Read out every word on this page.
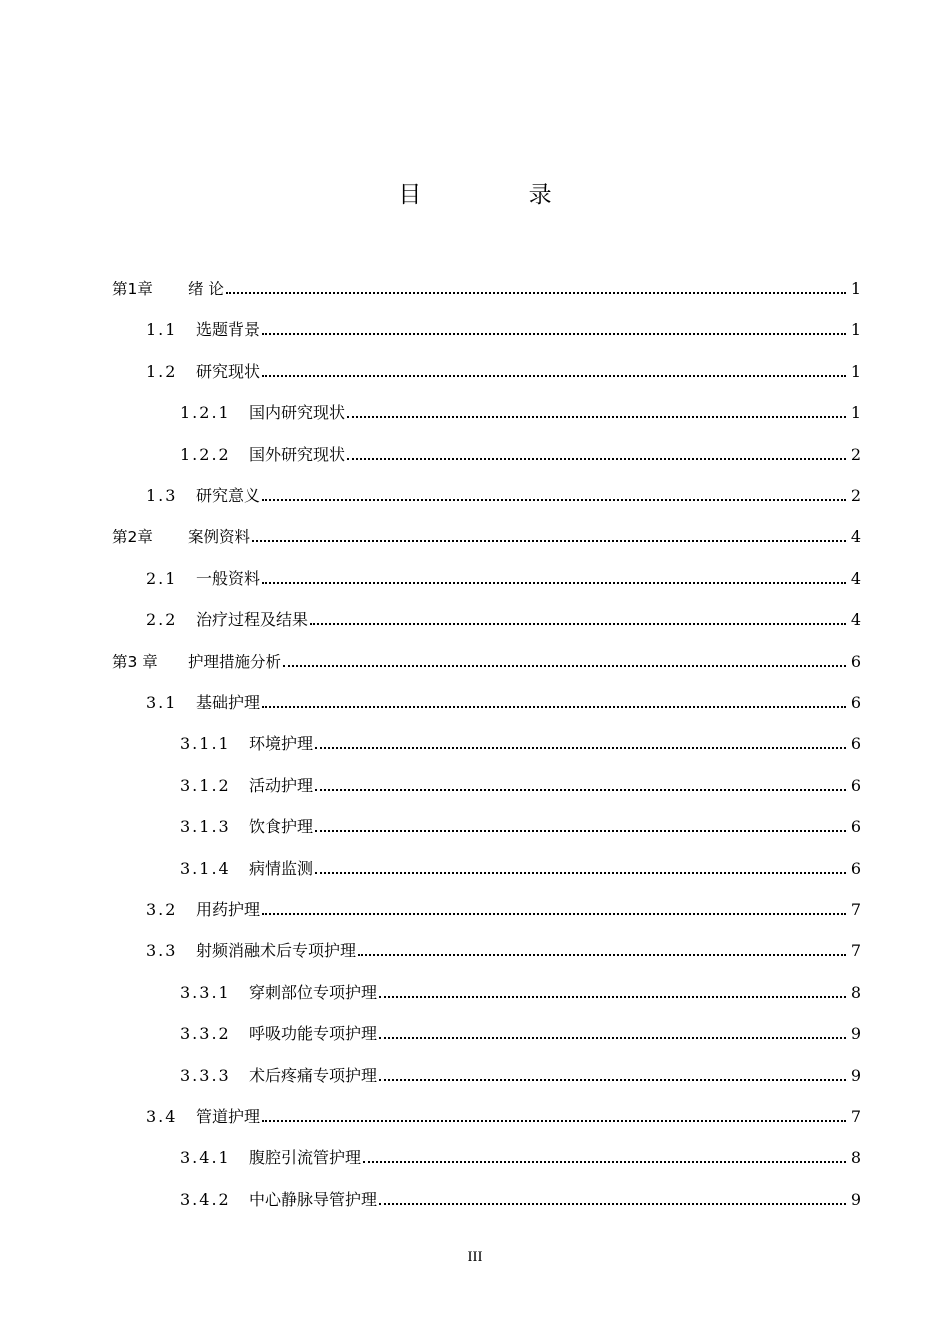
目 录
第1章 绪 论	1
1.1 选题背景	1
1.2 研究现状	1
1.2.1 国内研究现状	1
1.2.2 国外研究现状	2
1.3 研究意义	2
第2章 案例资料	4
2.1 一般资料	4
2.2 治疗过程及结果	4
第3 章 护理措施分析	6
3.1 基础护理	6
3.1.1 环境护理	6
3.1.2 活动护理	6
3.1.3 饮食护理	6
3.1.4 病情监测	6
3.2 用药护理	7
3.3 射频消融术后专项护理	7
3.3.1 穿刺部位专项护理	8
3.3.2 呼吸功能专项护理	9
3.3.3 术后疼痛专项护理	9
3.4 管道护理	7
3.4.1 腹腔引流管护理	8
3.4.2 中心静脉导管护理	9
III
